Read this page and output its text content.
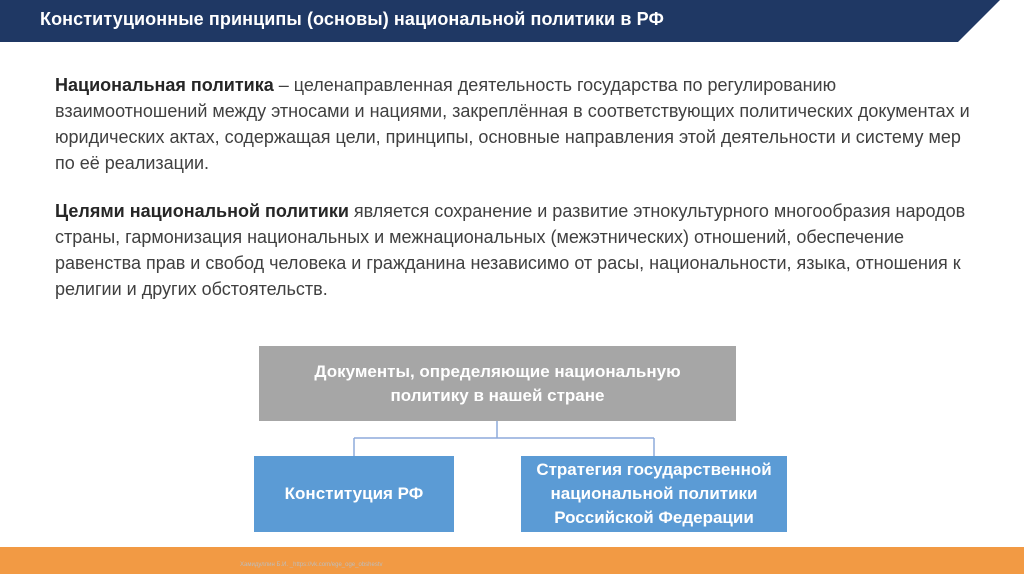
Конституционные принципы (основы) национальной политики в РФ

Национальная политика – целенаправленная деятельность государства по регулированию взаимоотношений между этносами и нациями, закреплённая в соответствующих политических документах и юридических актах, содержащая цели, принципы, основные направления этой деятельности и систему мер по её реализации.

Целями национальной политики является сохранение и развитие этнокультурного многообразия народов страны, гармонизация национальных и межнациональных (межэтнических) отношений, обеспечение равенства прав и свобод человека и гражданина независимо от расы, национальности, языка, отношения к религии и других обстоятельств.

Документы, определяющие национальную политику в нашей стране
Конституция РФ
Стратегия государственной национальной политики Российской Федерации
Хамидуллин Б.И. _https://vk.com/ege_oge_obshestv
